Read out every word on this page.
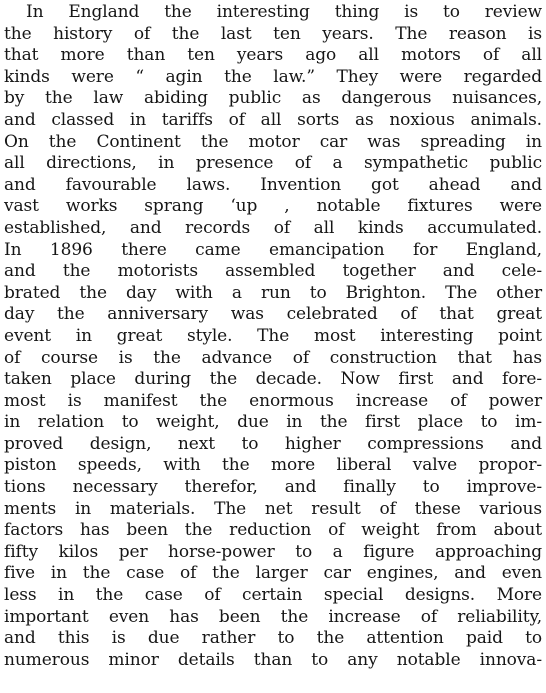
In England the interesting thing is to review
the history of the last ten years. The reason is
that more than ten years ago all motors of all
kinds were “ agin the law.” They were regarded
by the law abiding public as dangerous nuisances,
and classed in tariffs of all sorts as noxious animals.
On the Continent the motor car was spreading in
all directions, in presence of a sympathetic public
and favourable laws. Invention got ahead and
vast works sprang ‘up , notable fixtures were
established, and records of all kinds accumulated.
In 1896 there came emancipation for England,
and the motorists assembled together and cele-
brated the day with a run to Brighton. The other
day the anniversary was celebrated of that great
event in great style. The most interesting point
of course is the advance of construction that has
taken place during the decade. Now first and fore-
most is manifest the enormous increase of power
in relation to weight, due in the first place to im-
proved design, next to higher compressions and
piston speeds, with the more liberal valve propor-
tions necessary therefor, and finally to improve-
ments in materials. The net result of these various
factors has been the reduction of weight from about
fifty kilos per horse-power to a figure approaching
five in the case of the larger car engines, and even
less in the case of certain special designs. More
important even has been the increase of reliability,
and this is due rather to the attention paid to
numerous minor details than to any notable innova-
